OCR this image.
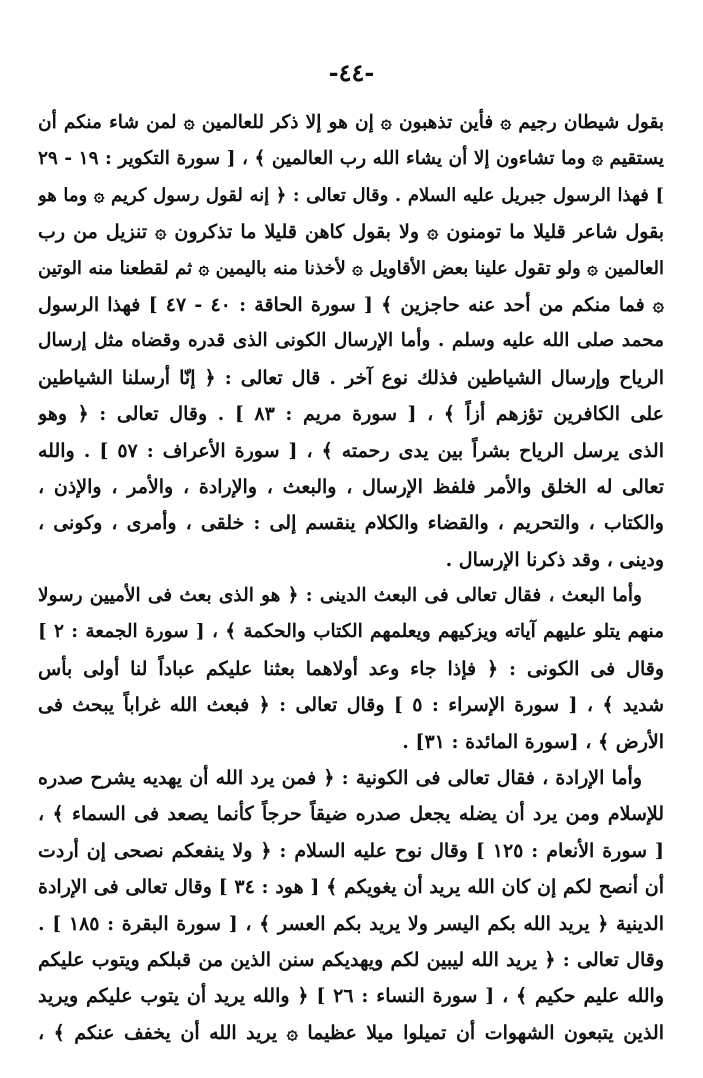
-٤٤-
بقول شيطان رجيم ۞ فأين تذهبون ۞ إن هو إلا ذكر للعالمين ۞ لمن شاء منكم أن
يستقيم ۞ وما تشاءون إلا أن يشاء الله رب العالمين ﴾ ، [ سورة التكوير : ١٩ - ٢٩
] فهذا الرسول جبريل عليه السلام . وقال تعالى : ﴿ إنه لقول رسول كريم ۞ وما هو
بقول شاعر قليلا ما تومنون ۞ ولا بقول كاهن قليلا ما تذكرون ۞ تنزيل من رب
العالمين ۞ ولو تقول علينا بعض الأقاويل ۞ لأخذنا منه باليمين ۞ ثم لقطعنا منه الوتين
۞ فما منكم من أحد عنه حاجزين ﴾ [ سورة الحاقة : ٤٠ - ٤٧ ] فهذا الرسول
محمد صلى الله عليه وسلم . وأما الإرسال الكونى الذى قدره وقضاه مثل إرسال
الرياح وإرسال الشياطين فذلك نوع آخر . قال تعالى : ﴿ إنّا أرسلنا الشياطين
على الكافرين تؤزهم أزاً ﴾ ، [ سورة مريم : ٨٣ ] . وقال تعالى : ﴿ وهو
الذى يرسل الرياح بشراً بين يدى رحمته ﴾ ، [ سورة الأعراف : ٥٧ ] . والله
تعالى له الخلق والأمر فلفظ الإرسال ، والبعث ، والإرادة ، والأمر ، والإذن ،
والكتاب ، والتحريم ، والقضاء والكلام ينقسم إلى : خلقى ، وأمرى ، وكونى ،
ودينى ، وقد ذكرنا الإرسال .
وأما البعث ، فقال تعالى فى البعث الدينى : ﴿ هو الذى بعث فى الأميين رسولا
منهم يتلو عليهم آياته ويزكيهم ويعلمهم الكتاب والحكمة ﴾ ، [ سورة الجمعة : ٢ ]
وقال فى الكونى : ﴿ فإذا جاء وعد أولاهما بعثنا عليكم عباداً لنا أولى بأس
شديد ﴾ ، [ سورة الإسراء : ٥ ] وقال تعالى : ﴿ فبعث الله غراباً يبحث فى
الأرض ﴾ ، [سورة المائدة : ٣١] .
وأما الإرادة ، فقال تعالى فى الكونية : ﴿ فمن يرد الله أن يهديه يشرح صدره
للإسلام ومن يرد أن يضله يجعل صدره ضيقاً حرجاً كأنما يصعد فى السماء ﴾ ،
[ سورة الأنعام : ١٢٥ ] وقال نوح عليه السلام : ﴿ ولا ينفعكم نصحى إن أردت
أن أنصح لكم إن كان الله يريد أن يغويكم ﴾ [ هود : ٣٤ ] وقال تعالى فى الإرادة
الدينية ﴿ يريد الله بكم اليسر ولا يريد بكم العسر ﴾ ، [ سورة البقرة : ١٨٥ ] .
وقال تعالى : ﴿ يريد الله ليبين لكم ويهديكم سنن الذين من قبلكم ويتوب عليكم
والله عليم حكيم ﴾ ، [ سورة النساء : ٢٦ ] ﴿ والله يريد أن يتوب عليكم ويريد
الذين يتبعون الشهوات أن تميلوا ميلا عظيما ۞ يريد الله أن يخفف عنكم ﴾ ،
